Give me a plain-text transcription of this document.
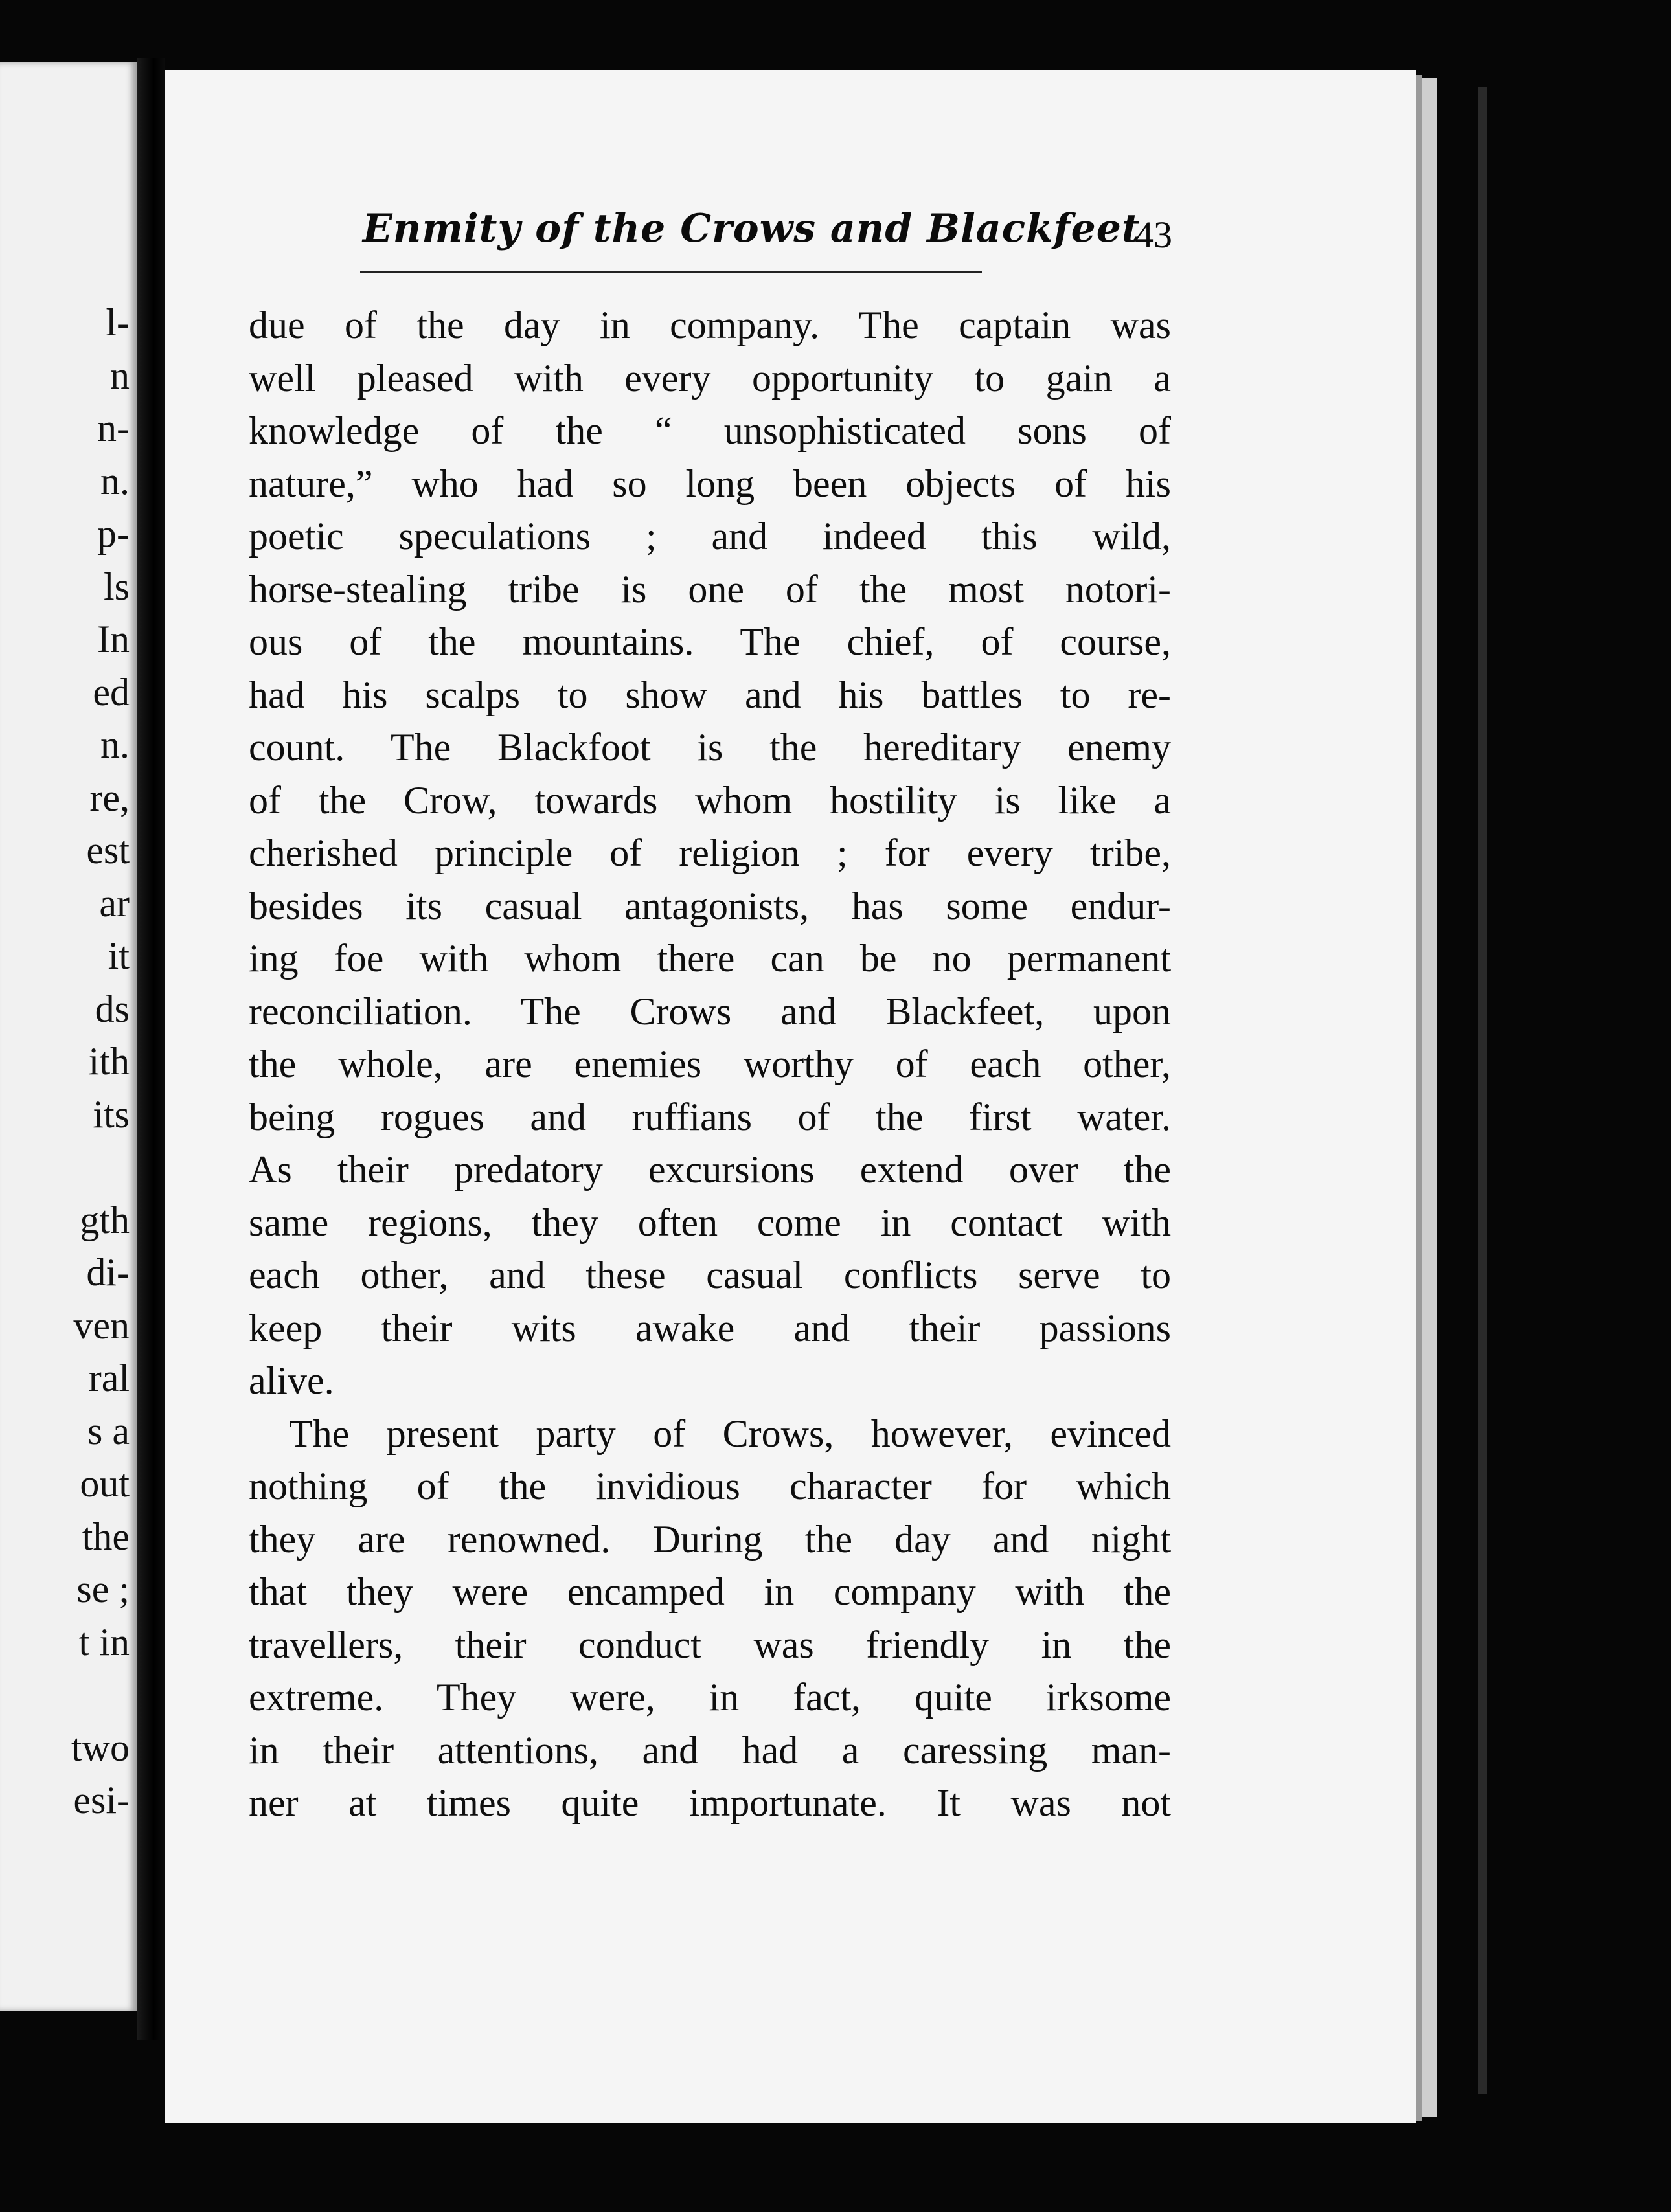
l-
n
n-
n.
p-
ls
In
ed
n.
re,
est
ar
it
ds
ith
its
gth
di-
ven
ral
s a
out
the
se ;
t in
two
esi-
Enmity of the Crows and Blackfeet
43
due of the day in company. The captain was
well pleased with every opportunity to gain a
knowledge of the “ unsophisticated sons of
nature,” who had so long been objects of his
poetic speculations ; and indeed this wild,
horse-stealing tribe is one of the most notori-
ous of the mountains. The chief, of course,
had his scalps to show and his battles to re-
count. The Blackfoot is the hereditary enemy
of the Crow, towards whom hostility is like a
cherished principle of religion ; for every tribe,
besides its casual antagonists, has some endur-
ing foe with whom there can be no permanent
reconciliation. The Crows and Blackfeet, upon
the whole, are enemies worthy of each other,
being rogues and ruffians of the first water.
As their predatory excursions extend over the
same regions, they often come in contact with
each other, and these casual conflicts serve to
keep their wits awake and their passions
alive.
The present party of Crows, however, evinced
nothing of the invidious character for which
they are renowned. During the day and night
that they were encamped in company with the
travellers, their conduct was friendly in the
extreme. They were, in fact, quite irksome
in their attentions, and had a caressing man-
ner at times quite importunate. It was not
